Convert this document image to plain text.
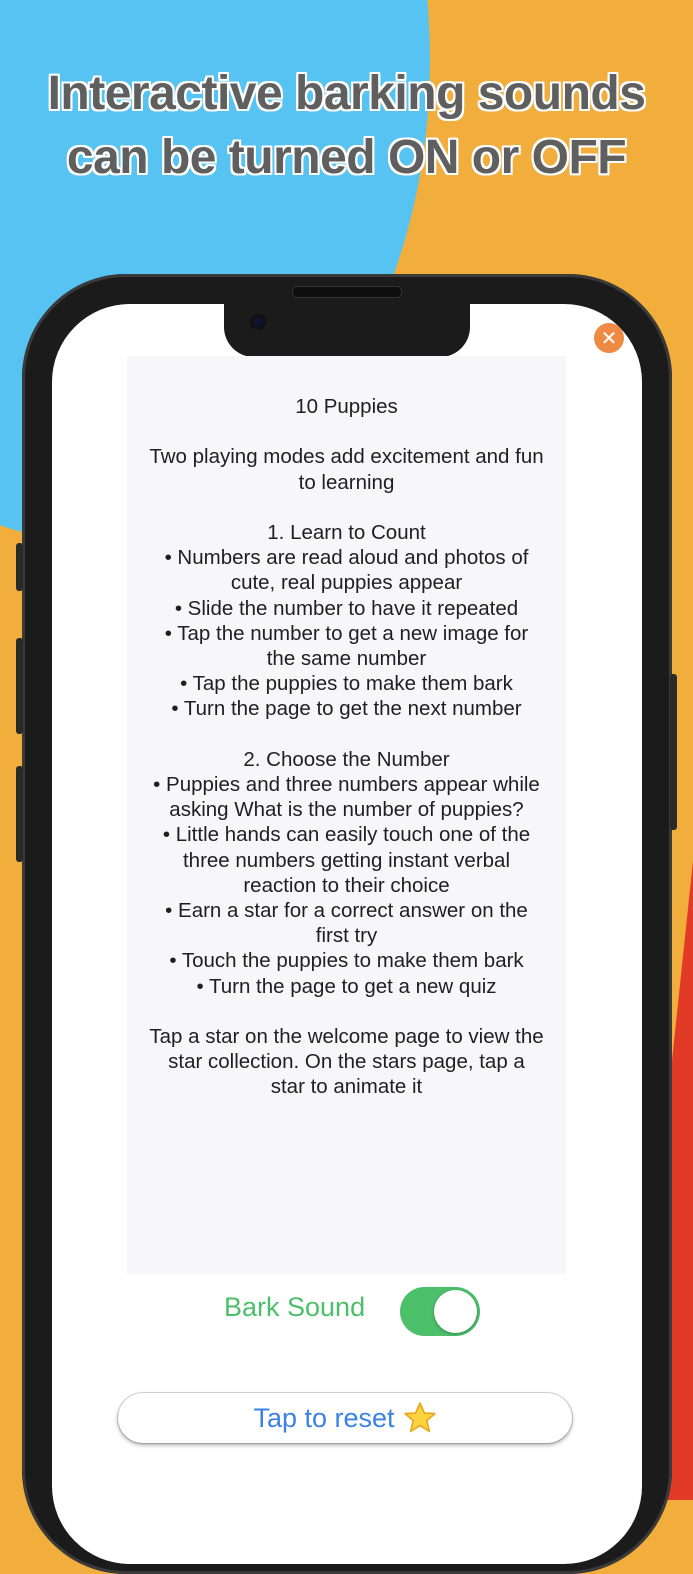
Interactive barking sounds
can be turned ON or OFF
✕
10 Puppies

Two playing modes add excitement and fun
to learning

1. Learn to Count
• Numbers are read aloud and photos of
cute, real puppies appear
• Slide the number to have it repeated
• Tap the number to get a new image for
the same number
• Tap the puppies to make them bark
• Turn the page to get the next number

2. Choose the Number
• Puppies and three numbers appear while
asking What is the number of puppies?
• Little hands can easily touch one of the
three numbers getting instant verbal
reaction to their choice
• Earn a star for a correct answer on the
first try
• Touch the puppies to make them bark
• Turn the page to get a new quiz

Tap a star on the welcome page to view the
star collection. On the stars page, tap a
star to animate it
Bark Sound
Tap to reset
